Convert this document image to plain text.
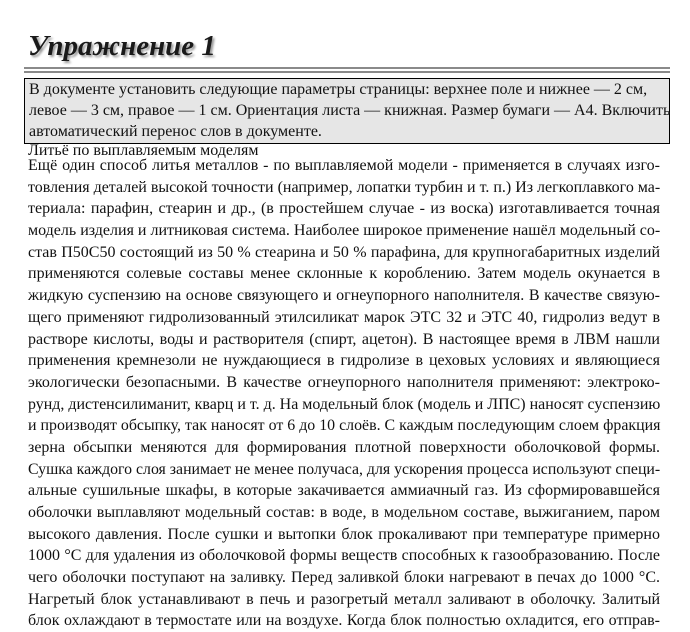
Упражнение 1
В документе установить следующие параметры страницы: верхнее поле и нижнее — 2 см,
левое — 3 см, правое — 1 см. Ориентация листа — книжная. Размер бумаги — А4. Включить
автоматический перенос слов в документе.
Литьё по выплавляемым моделям
Ещё один способ литья металлов - по выплавляемой модели - применяется в случаях изго-
товления деталей высокой точности (например, лопатки турбин и т. п.) Из легкоплавкого ма-
териала: парафин, стеарин и др., (в простейшем случае - из воска) изготавливается точная
модель изделия и литниковая система. Наиболее широкое применение нашёл модельный со-
став П50С50 состоящий из 50 % стеарина и 50 % парафина, для крупногабаритных изделий
применяются солевые составы менее склонные к короблению. Затем модель окунается в
жидкую суспензию на основе связующего и огнеупорного наполнителя. В качестве связую-
щего применяют гидролизованный этилсиликат марок ЭТС 32 и ЭТС 40, гидролиз ведут в
растворе кислоты, воды и растворителя (спирт, ацетон). В настоящее время в ЛВМ нашли
применения кремнезоли не нуждающиеся в гидролизе в цеховых условиях и являющиеся
экологически безопасными. В качестве огнеупорного наполнителя применяют: электроко-
рунд, дистенсилиманит, кварц и т. д. На модельный блок (модель и ЛПС) наносят суспензию
и производят обсыпку, так наносят от 6 до 10 слоёв. С каждым последующим слоем фракция
зерна обсыпки меняются для формирования плотной поверхности оболочковой формы.
Сушка каждого слоя занимает не менее получаса, для ускорения процесса используют специ-
альные сушильные шкафы, в которые закачивается аммиачный газ. Из сформировавшейся
оболочки выплавляют модельный состав: в воде, в модельном составе, выжиганием, паром
высокого давления. После сушки и вытопки блок прокаливают при температуре примерно
1000 °С для удаления из оболочковой формы веществ способных к газообразованию. После
чего оболочки поступают на заливку. Перед заливкой блоки нагревают в печах до 1000 °С.
Нагретый блок устанавливают в печь и разогретый металл заливают в оболочку. Залитый
блок охлаждают в термостате или на воздухе. Когда блок полностью охладится, его отправ-
